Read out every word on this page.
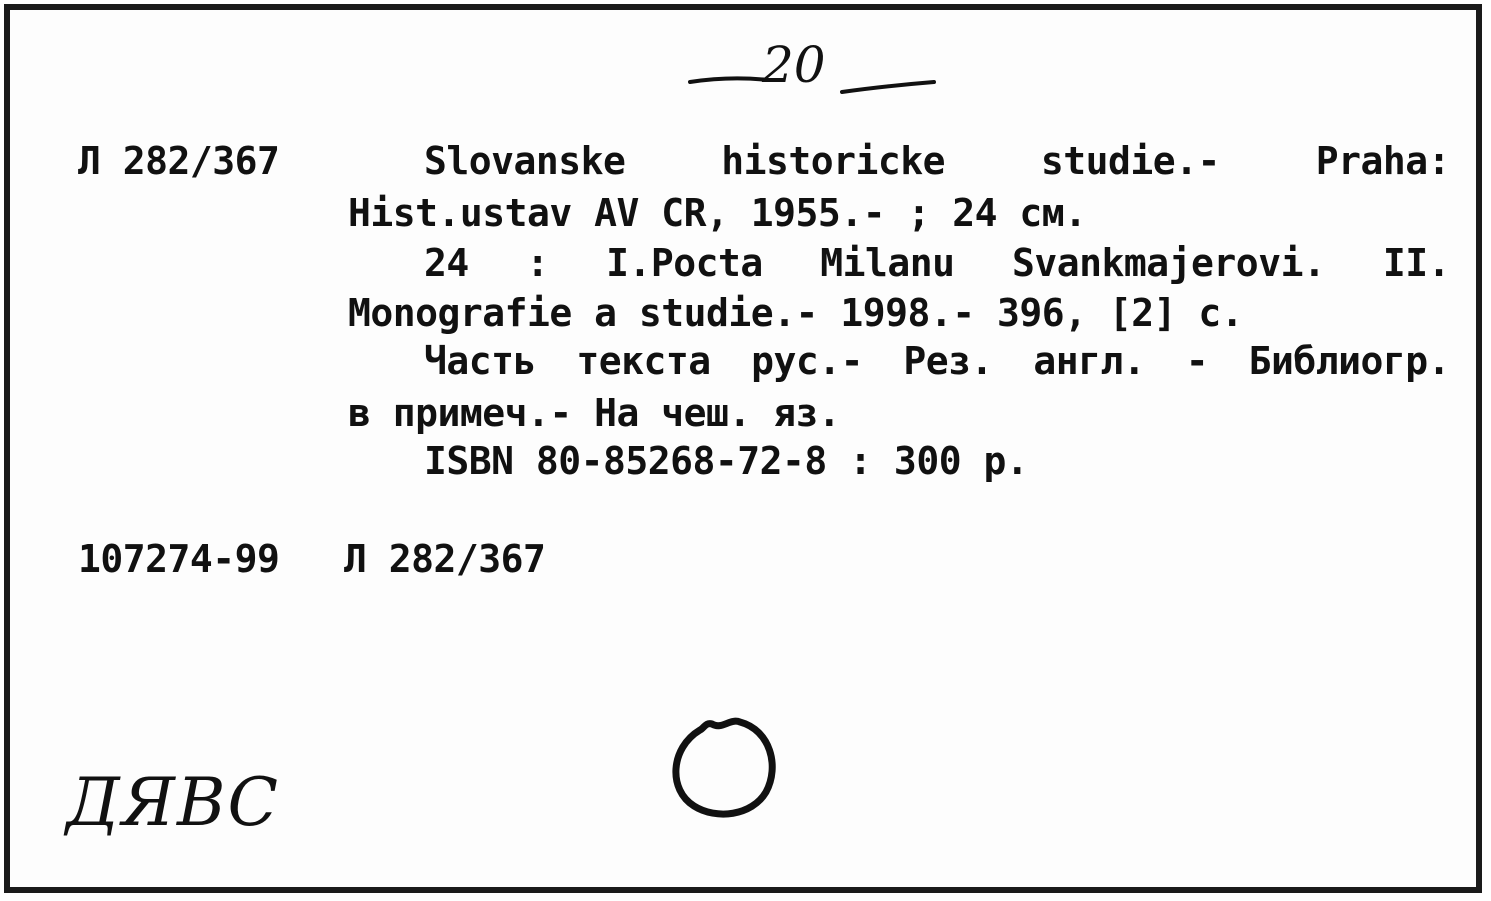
20
Л 282/367	Slovanske	historicke	studie.-	Praha:
Hist.ustav AV CR, 1955.- ; 24 см.
24 : I.Pocta Milanu Svankmajerovi. II.
Monografie a studie.- 1998.- 396, [2] с.
Часть текста рус.- Рез. англ. - Библиогр.
в примеч.- На чеш. яз.
ISBN 80-85268-72-8 : 300 р.
107274-99 Л 282/367
ДЯВС
